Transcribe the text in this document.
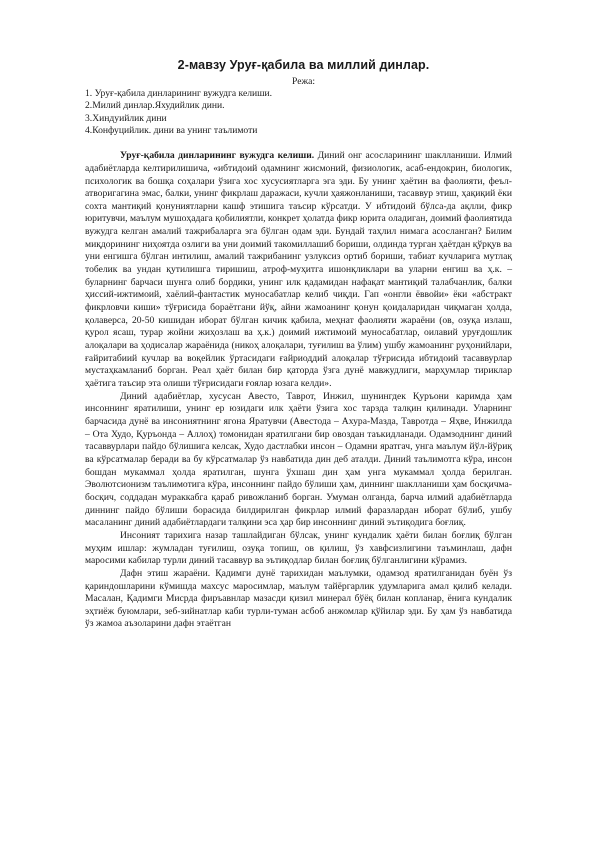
2-мавзу Уруғ-қабила ва миллий динлар.
Режа:
1. Уруғ-қабила динларининг вужудга келиши.
2.Милий динлар.Яхудийлик дини.
3.Хиндуийлик дини
4.Конфуцийлик. дини ва унинг таълимоти

Уруғ-қабила динларининг вужудга келиши. Диний онг асосларининг шаклланиши. Илмий адабиётларда келтирилишича, «ибтидоий одамнинг жисмоний, физиологик, асаб-ендокрин, биологик, психологик ва бошқа соҳалари ўзига хос хусусиятларга эга эди. Бу унинг ҳаётин ва фаолияти, феъл-атворигагина эмас, балки, унинг фикрлаш даражаси, кучли ҳаяжонланиши, тасаввур этиш, ҳақиқий ёки сохта мантиқий қонуниятларни кашф этишига таъсир кўрсатди. У ибтидоий бўлса-да ақлли, фикр юритувчи, маълум мушоҳадага қобилиятли, конкрет ҳолатда фикр юрита оладиган, доимий фаолиятида вужудга келган амалий тажрибаларга эга бўлган одам эди. Бундай таҳлил нимага асосланган? Билим миқдорининг ниҳоятда озлиги ва уни доимий такомиллашиб бориши, олдинда турган ҳаётдан қўрқув ва уни енгишга бўлган интилиш, амалий тажрибанинг узлуксиз ортиб бориши, табиат кучларига мутлақ тобелик ва ундан қутилишга тиришиш, атроф-муҳитга ишонқликлари ва уларни енгиш ва ҳ.к. – буларнинг барчаси шунга олиб бордики, унинг илк қадамидан нафақат мантиқий талабчанлик, балки ҳиссий-ижтимоий, хаёлий-фантастик муносабатлар келиб чиқди. Гап «онгли ёввойи» ёки «абстракт фикрловчи киши» тўғрисида бораётгани йўқ, айни жамоанинг қонун қоидаларидан чиқмаган ҳолда, қолаверса, 20-50 кишидан иборат бўлган кичик қабила, меҳнат фаолияти жараёни (ов, озуқа излаш, қурол ясаш, турар жойни жиҳозлаш ва ҳ.к.) доимий ижтимоий муносабатлар, оилавий уруғдошлик алоқалари ва ҳодисалар жараёнида (никоҳ алоқалари, туғилиш ва ўлим) ушбу жамоанинг руҳонийлари, ғайритабиий кучлар ва воқейлик ўртасидаги ғайриоддий алоқалар тўғрисида ибтидоий тасаввурлар мустаҳкамланиб борган. Реал ҳаёт билан бир қаторда ўзга дунё мавжудлиги, марҳумлар тириклар ҳаётига таъсир эта олиши тўғрисидаги ғоялар юзага келди».

Диний адабиётлар, хусусан Авесто, Таврот, Инжил, шунингдек Қуръони каримда ҳам инсоннинг яратилиши, унинг ер юзидаги илк ҳаёти ўзига хос тарзда талқин қилинади. Уларнинг барчасида дунё ва инсониятнинг ягона Яратувчи (Авестода – Ахура-Мазда, Тавротда – Яҳве, Инжилда – Ота Худо, Қуръонда – Аллоҳ) томонидан яратилгани бир овоздан таъкидланади. Одамзоднинг диний тасаввурлари пайдо бўлишига келсак, Худо дастлабки инсон – Одамни яратгач, унга маълум йўл-йўриқ ва кўрсатмалар беради ва бу кўрсатмалар ўз навбатида дин деб аталди. Диний таълимотга кўра, инсон бошдан мукаммал ҳолда яратилган, шунга ўхшаш дин ҳам унга мукаммал ҳолда берилган. Эволютсионизм таълимотига кўра, инсоннинг пайдо бўлиши ҳам, диннинг шаклланиши ҳам босқичма-босқич, соддадан мураккабга қараб ривожланиб борган. Умуман олганда, барча илмий адабиётларда диннинг пайдо бўлиши борасида билдирилган фикрлар илмий фаразлардан иборат бўлиб, ушбу масаланинг диний адабиётлардаги талқини эса ҳар бир инсоннинг диний эътиқодига боғлиқ.

Инсоният тарихига назар ташлайдиган бўлсак, унинг кундалик ҳаёти билан боғлиқ бўлган муҳим ишлар: жумладан туғилиш, озуқа топиш, ов қилиш, ўз хавфсизлигини таъминлаш, дафн маросими кабилар турли диний тасаввур ва эътиқодлар билан боғлиқ бўлганлигини кўрамиз.

Дафн этиш жараёни. Қадимги дунё тарихидан маълумки, одамзод яратилганидан буён ўз қариндошларини кўмишда махсус маросимлар, маълум тайёргарлик удумларига амал қилиб келади. Масалан, Қадимги Мисрда фиръавнлар мазасди қизил минерал бўёқ билан копланар, ёнига кундалик эҳтиёж буюмлари, зеб-зийнатлар каби турли-туман асбоб анжомлар қўйилар эди. Бу ҳам ўз навбатида ўз жамоа аъзоларини дафн этаётган
